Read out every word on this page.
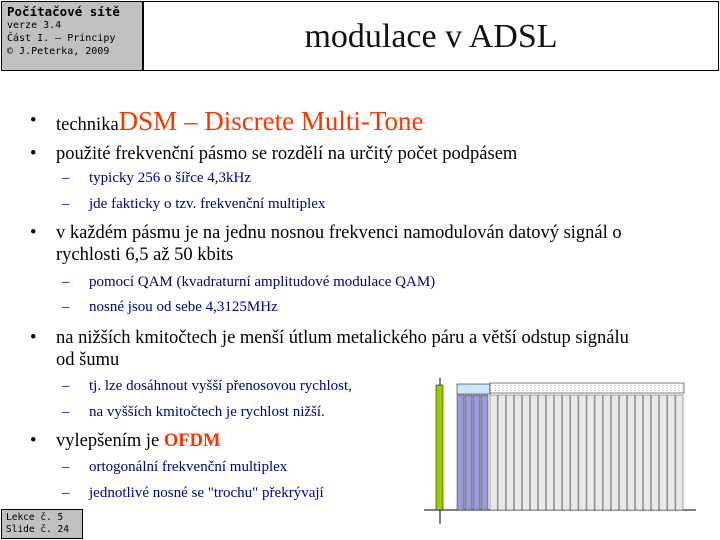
Počítačové sítě
verze 3.4
Část I. – Principy
© J.Peterka, 2009	modulace v ADSL
• technikaDSM – Discrete Multi-Tone
• použité frekvenční pásmo se rozdělí na určitý počet podpásem
– typicky 256 o šířce 4,3kHz
– jde fakticky o tzv. frekvenční multiplex
• v každém pásmu je na jednu nosnou frekvenci namodulován datový signál o
rychlosti 6,5 až 50 kbits
– pomocí QAM (kvadraturní amplitudové modulace QAM)
– nosné jsou od sebe 4,3125MHz
• na nižších kmitočtech je menší útlum metalického páru a větší odstup signálu
od šumu
– tj. lze dosáhnout vyšší přenosovou rychlost,
– na vyšších kmitočtech je rychlost nižší.
• vylepšením je OFDM
– ortogonální frekvenční multiplex
– jednotlivé nosné se "trochu" překrývají
Lekce č. 5
Slide č. 24
